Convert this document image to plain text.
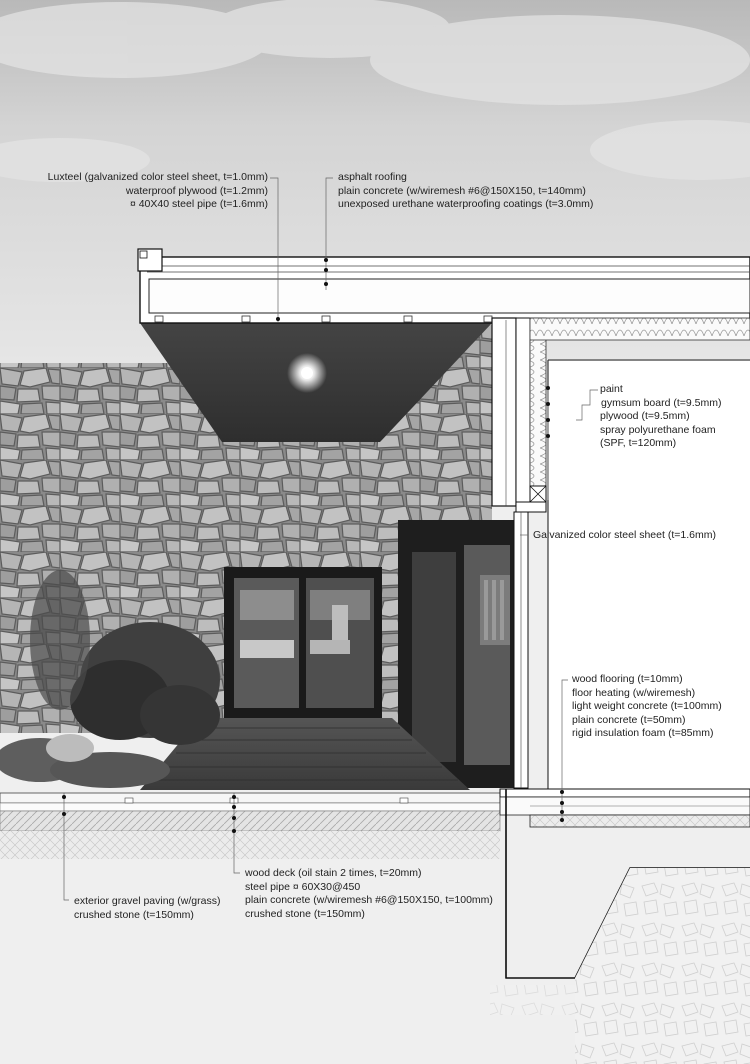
Luxteel (galvanized color steel sheet, t=1.0mm)
waterproof plywood (t=1.2mm)
¤ 40X40 steel pipe (t=1.6mm)
asphalt roofing
plain concrete (w/wiremesh #6@150X150, t=140mm)
unexposed urethane waterproofing coatings (t=3.0mm)
paint
gymsum board (t=9.5mm)
plywood (t=9.5mm)
spray polyurethane foam
(SPF, t=120mm)
Galvanized color steel sheet (t=1.6mm)
wood flooring (t=10mm)
floor heating (w/wiremesh)
light weight concrete (t=100mm)
plain concrete (t=50mm)
rigid insulation foam (t=85mm)
exterior gravel paving (w/grass)
crushed stone (t=150mm)
wood deck (oil stain 2 times, t=20mm)
steel pipe ¤ 60X30@450
plain concrete (w/wiremesh #6@150X150, t=100mm)
crushed stone (t=150mm)
